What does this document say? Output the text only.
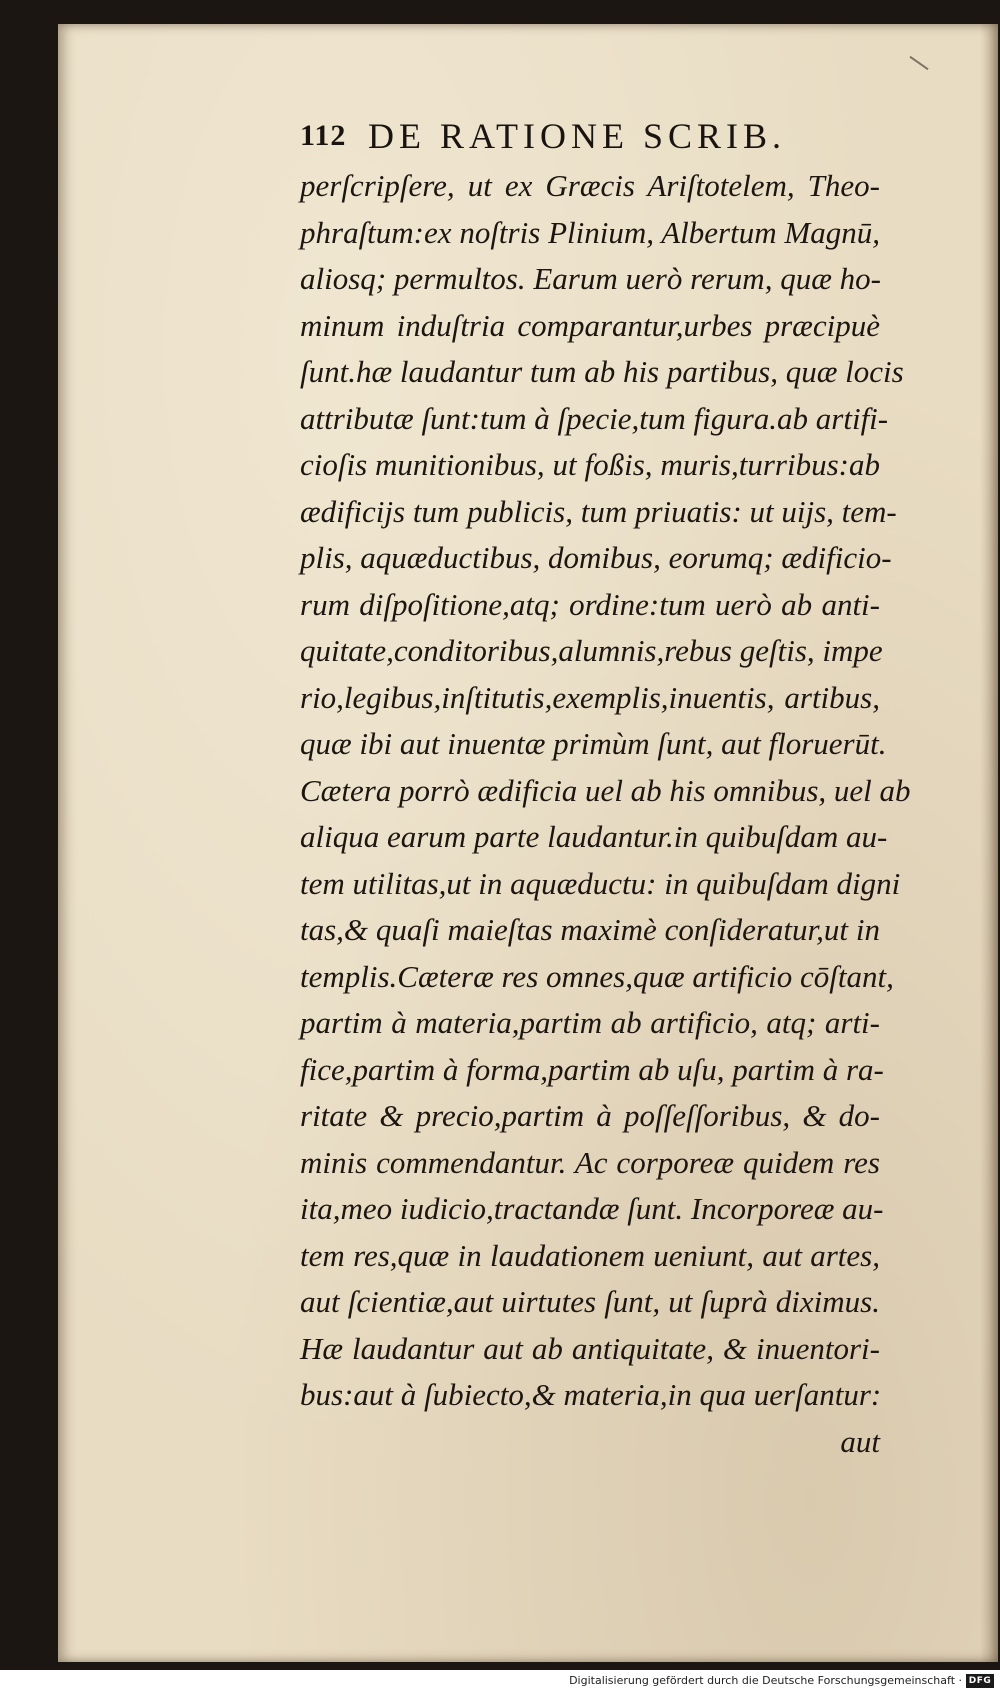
112 DE RATIONE SCRIB.
perſcripſere, ut ex Græcis Ariſtotelem, Theo-
phraſtum:ex noſtris Plinium, Albertum Magnū,
aliosq; permultos. Earum uerò rerum, quæ ho-
minum induſtria comparantur,urbes præcipuè
ſunt.hæ laudantur tum ab his partibus, quæ locis
attributæ ſunt:tum à ſpecie,tum figura.ab artifi-
cioſis munitionibus, ut foßis, muris,turribus:ab
ædificijs tum publicis, tum priuatis: ut uijs, tem-
plis, aquæductibus, domibus, eorumq; ædificio-
rum diſpoſitione,atq; ordine:tum uerò ab anti-
quitate,conditoribus,alumnis,rebus geſtis, impe
rio,legibus,inſtitutis,exemplis,inuentis, artibus,
quæ ibi aut inuentæ primùm ſunt, aut floruerūt.
Cætera porrò ædificia uel ab his omnibus, uel ab
aliqua earum parte laudantur.in quibuſdam au-
tem utilitas,ut in aquæductu: in quibuſdam digni
tas,& quaſi maieſtas maximè conſideratur,ut in
templis.Cæteræ res omnes,quæ artificio cōſtant,
partim à materia,partim ab artificio, atq; arti-
fice,partim à forma,partim ab uſu, partim à ra-
ritate & precio,partim à poſſeſſoribus, & do-
minis commendantur. Ac corporeæ quidem res
ita,meo iudicio,tractandæ ſunt. Incorporeæ au-
tem res,quæ in laudationem ueniunt, aut artes,
aut ſcientiæ,aut uirtutes ſunt, ut ſuprà diximus.
Hæ laudantur aut ab antiquitate, & inuentori-
bus:aut à ſubiecto,& materia,in qua uerſantur:
aut
Digitalisierung gefördert durch die Deutsche Forschungsgemeinschaft · DFG
